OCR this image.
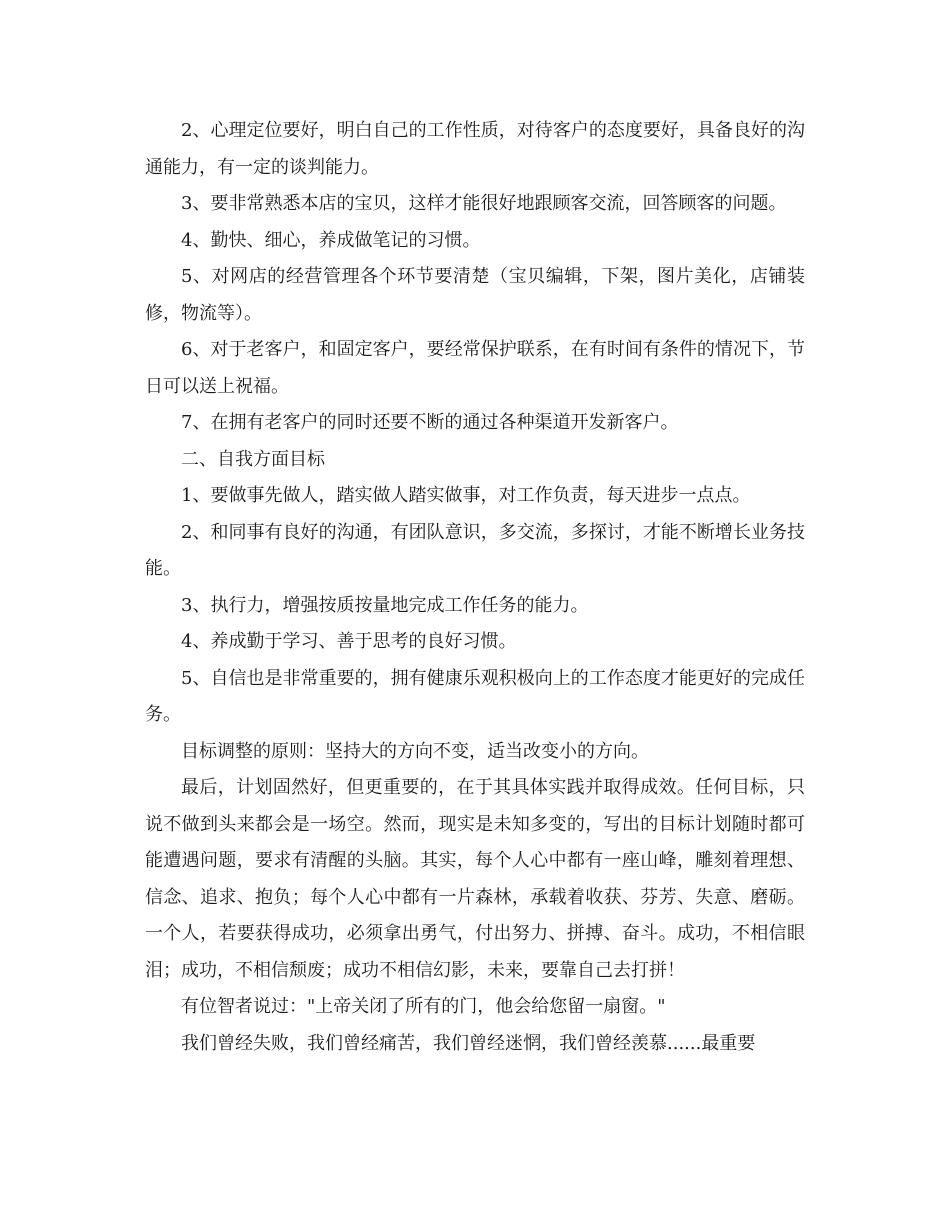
2、心理定位要好，明白自己的工作性质，对待客户的态度要好，具备良好的沟通能力，有一定的谈判能力。

3、要非常熟悉本店的宝贝，这样才能很好地跟顾客交流，回答顾客的问题。

4、勤快、细心，养成做笔记的习惯。

5、对网店的经营管理各个环节要清楚（宝贝编辑，下架，图片美化，店铺装修，物流等）。

6、对于老客户，和固定客户，要经常保护联系，在有时间有条件的情况下，节日可以送上祝福。

7、在拥有老客户的同时还要不断的通过各种渠道开发新客户。

二、自我方面目标

1、要做事先做人，踏实做人踏实做事，对工作负责，每天进步一点点。

2、和同事有良好的沟通，有团队意识，多交流，多探讨，才能不断增长业务技能。

3、执行力，增强按质按量地完成工作任务的能力。

4、养成勤于学习、善于思考的良好习惯。

5、自信也是非常重要的，拥有健康乐观积极向上的工作态度才能更好的完成任务。

目标调整的原则：坚持大的方向不变，适当改变小的方向。

最后，计划固然好，但更重要的，在于其具体实践并取得成效。任何目标，只说不做到头来都会是一场空。然而，现实是未知多变的，写出的目标计划随时都可能遭遇问题，要求有清醒的头脑。其实，每个人心中都有一座山峰，雕刻着理想、信念、追求、抱负；每个人心中都有一片森林，承载着收获、芬芳、失意、磨砺。一个人，若要获得成功，必须拿出勇气，付出努力、拼搏、奋斗。成功，不相信眼泪；成功，不相信颓废；成功不相信幻影，未来，要靠自己去打拼！

有位智者说过："上帝关闭了所有的门，他会给您留一扇窗。"

我们曾经失败，我们曾经痛苦，我们曾经迷惘，我们曾经羡慕......最重要
